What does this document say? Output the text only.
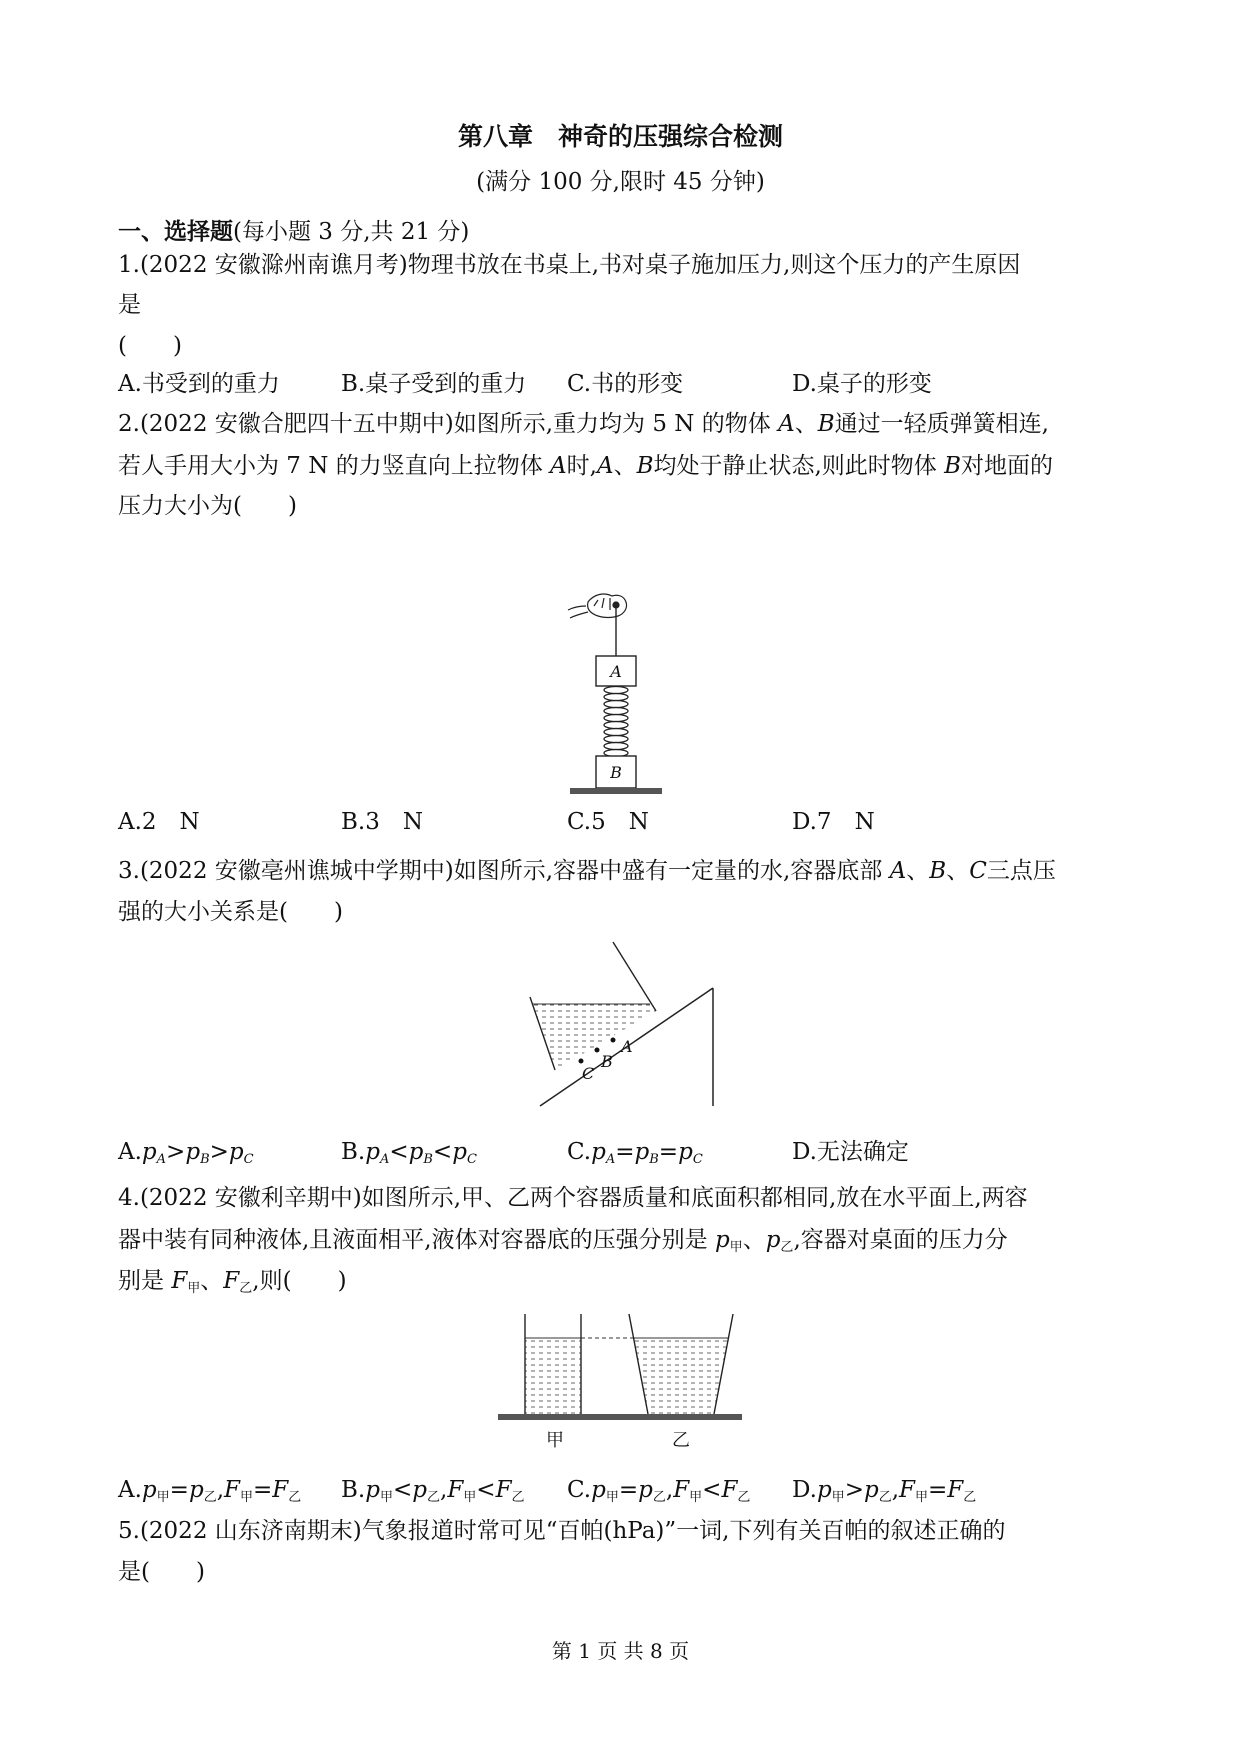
第八章　神奇的压强综合检测
(满分 100 分,限时 45 分钟)
一、选择题(每小题 3 分,共 21 分)
1.(2022 安徽滁州南谯月考)物理书放在书桌上,书对桌子施加压力,则这个压力的产生原因
是
(　　)
A.书受到的重力	B.桌子受到的重力 C.书的形变	D.桌子的形变
2.(2022 安徽合肥四十五中期中)如图所示,重力均为 5 N 的物体 A、B通过一轻质弹簧相连,
若人手用大小为 7 N 的力竖直向上拉物体 A时,A、B均处于静止状态,则此时物体 B对地面的
压力大小为(　　)
A
B
A.2　N	B.3　N	C.5　N	D.7　N
3.(2022 安徽亳州谯城中学期中)如图所示,容器中盛有一定量的水,容器底部 A、B、C三点压
强的大小关系是(　　)
A
B
C
$A.p_A>p_B>p_C$	$B.p_A<p_B<p_C$	$C.p_A=p_B=p_C$	D.无法确定
4.(2022 安徽利辛期中)如图所示,甲、乙两个容器质量和底面积都相同,放在水平面上,两容
器中装有同种液体,且液面相平,液体对容器底的压强分别是 $p_甲$、$p_乙$,容器对桌面的压力分
别是 $F_甲$、$F_乙$,则(　　)
甲	乙
$A.p_甲=p_乙,F_甲=F_乙$ $B.p_甲<p_乙,F_甲<F_乙$ $C.p_甲=p_乙,F_甲<F_乙$ $D.p_甲>p_乙,F_甲=F_乙$
5.(2022 山东济南期末)气象报道时常可见“百帕(hPa)”一词,下列有关百帕的叙述正确的
是(　　)
第 1 页 共 8 页
